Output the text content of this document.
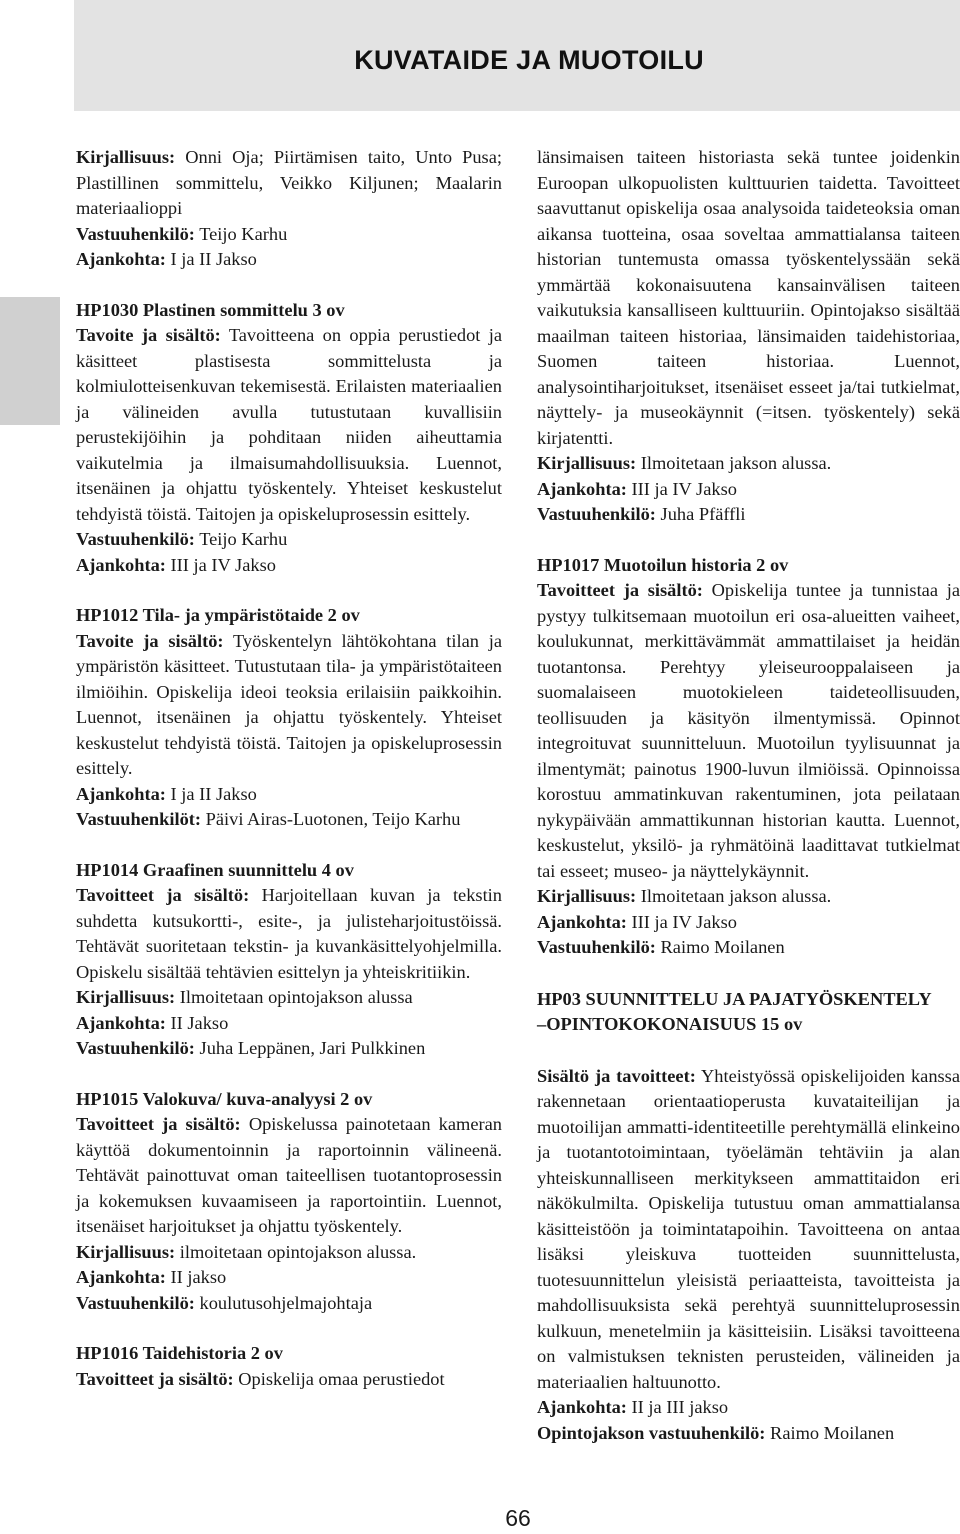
KUVATAIDE JA MUOTOILU

Kirjallisuus: Onni Oja; Piirtämisen taito, Unto Pusa; Plastillinen sommittelu, Veikko Kiljunen; Maalarin materiaalioppi

Vastuuhenkilö: Teijo Karhu

Ajankohta: I ja II Jakso

HP1030 Plastinen sommittelu 3 ov

Tavoite ja sisältö: Tavoitteena on oppia perustiedot ja käsitteet plastisesta sommittelusta ja kolmiulotteisenkuvan tekemisestä. Erilaisten materiaalien ja välineiden avulla tutustutaan kuvallisiin perustekijöihin ja pohditaan niiden aiheuttamia vaikutelmia ja ilmaisumahdollisuuksia. Luennot, itsenäinen ja ohjattu työskentely. Yhteiset keskustelut tehdyistä töistä. Taitojen ja opiskeluprosessin esittely.

Vastuuhenkilö: Teijo Karhu

Ajankohta: III ja IV Jakso

HP1012 Tila- ja ympäristötaide 2 ov

Tavoite ja sisältö: Työskentelyn lähtökohtana tilan ja ympäristön käsitteet. Tutustutaan tila- ja ympäristötaiteen ilmiöihin. Opiskelija ideoi teoksia erilaisiin paikkoihin. Luennot, itsenäinen ja ohjattu työskentely. Yhteiset keskustelut tehdyistä töistä. Taitojen ja opiskeluprosessin esittely.

Ajankohta: I ja II Jakso

Vastuuhenkilöt: Päivi Airas-Luotonen, Teijo Karhu

HP1014 Graafinen suunnittelu 4 ov

Tavoitteet ja sisältö: Harjoitellaan kuvan ja tekstin suhdetta kutsukortti-, esite-, ja julisteharjoitustöissä. Tehtävät suoritetaan tekstin- ja kuvankäsittelyohjelmilla. Opiskelu sisältää tehtävien esittelyn ja yhteiskritiikin.

Kirjallisuus: Ilmoitetaan opintojakson alussa

Ajankohta: II Jakso

Vastuuhenkilö: Juha Leppänen, Jari Pulkkinen

HP1015 Valokuva/ kuva-analyysi 2 ov

Tavoitteet ja sisältö: Opiskelussa painotetaan kameran käyttöä dokumentoinnin ja raportoinnin välineenä. Tehtävät painottuvat oman taiteellisen tuotantoprosessin ja kokemuksen kuvaamiseen ja raportointiin. Luennot, itsenäiset harjoitukset ja ohjattu työskentely.

Kirjallisuus: ilmoitetaan opintojakson alussa.

Ajankohta: II jakso

Vastuuhenkilö: koulutusohjelmajohtaja

HP1016 Taidehistoria 2 ov

Tavoitteet ja sisältö: Opiskelija omaa perustiedot

länsimaisen taiteen historiasta sekä tuntee joidenkin Euroopan ulkopuolisten kulttuurien taidetta. Tavoitteet saavuttanut opiskelija osaa analysoida taideteoksia oman aikansa tuotteina, osaa soveltaa ammattialansa taiteen historian tuntemusta omassa työskentelyssään sekä ymmärtää kokonaisuutena kansainvälisen taiteen vaikutuksia kansalliseen kulttuuriin. Opintojakso sisältää maailman taiteen historiaa, länsimaiden taidehistoriaa, Suomen taiteen historiaa. Luennot, analysointiharjoitukset, itsenäiset esseet ja/tai tutkielmat, näyttely- ja museokäynnit (=itsen. työskentely) sekä kirjatentti.

Kirjallisuus: Ilmoitetaan jakson alussa.

Ajankohta: III ja IV Jakso

Vastuuhenkilö: Juha Pfäffli

HP1017 Muotoilun historia 2 ov

Tavoitteet ja sisältö: Opiskelija tuntee ja tunnistaa ja pystyy tulkitsemaan muotoilun eri osa-alueitten vaiheet, koulukunnat, merkittävämmät ammattilaiset ja heidän tuotantonsa. Perehtyy yleiseurooppalaiseen ja suomalaiseen muotokieleen taideteollisuuden, teollisuuden ja käsityön ilmentymissä. Opinnot integroituvat suunnitteluun. Muotoilun tyylisuunnat ja ilmentymät; painotus 1900-luvun ilmiöissä. Opinnoissa korostuu ammatinkuvan rakentuminen, jota peilataan nykypäivään ammattikunnan historian kautta. Luennot, keskustelut, yksilö- ja ryhmätöinä laadittavat tutkielmat tai esseet; museo- ja näyttelykäynnit.

Kirjallisuus: Ilmoitetaan jakson alussa.

Ajankohta: III ja IV Jakso

Vastuuhenkilö: Raimo Moilanen

HP03 SUUNNITTELU JA PAJATYÖSKENTELY
–OPINTOKOKONAISUUS 15 ov

Sisältö ja tavoitteet: Yhteistyössä opiskelijoiden kanssa rakennetaan orientaatioperusta kuvataiteilijan ja muotoilijan ammatti-identiteetille perehtymällä elinkeino ja tuotantotoimintaan, työelämän tehtäviin ja alan yhteiskunnalliseen merkitykseen ammattitaidon eri näkökulmilta. Opiskelija tutustuu oman ammattialansa käsitteistöön ja toimintatapoihin. Tavoitteena on antaa lisäksi yleiskuva tuotteiden suunnittelusta, tuotesuunnittelun yleisistä periaatteista, tavoitteista ja mahdollisuuksista sekä perehtyä suunnitteluprosessin kulkuun, menetelmiin ja käsitteisiin. Lisäksi tavoitteena on valmistuksen teknisten perusteiden, välineiden ja materiaalien haltuunotto.

Ajankohta: II ja III jakso

Opintojakson vastuuhenkilö: Raimo Moilanen

66
